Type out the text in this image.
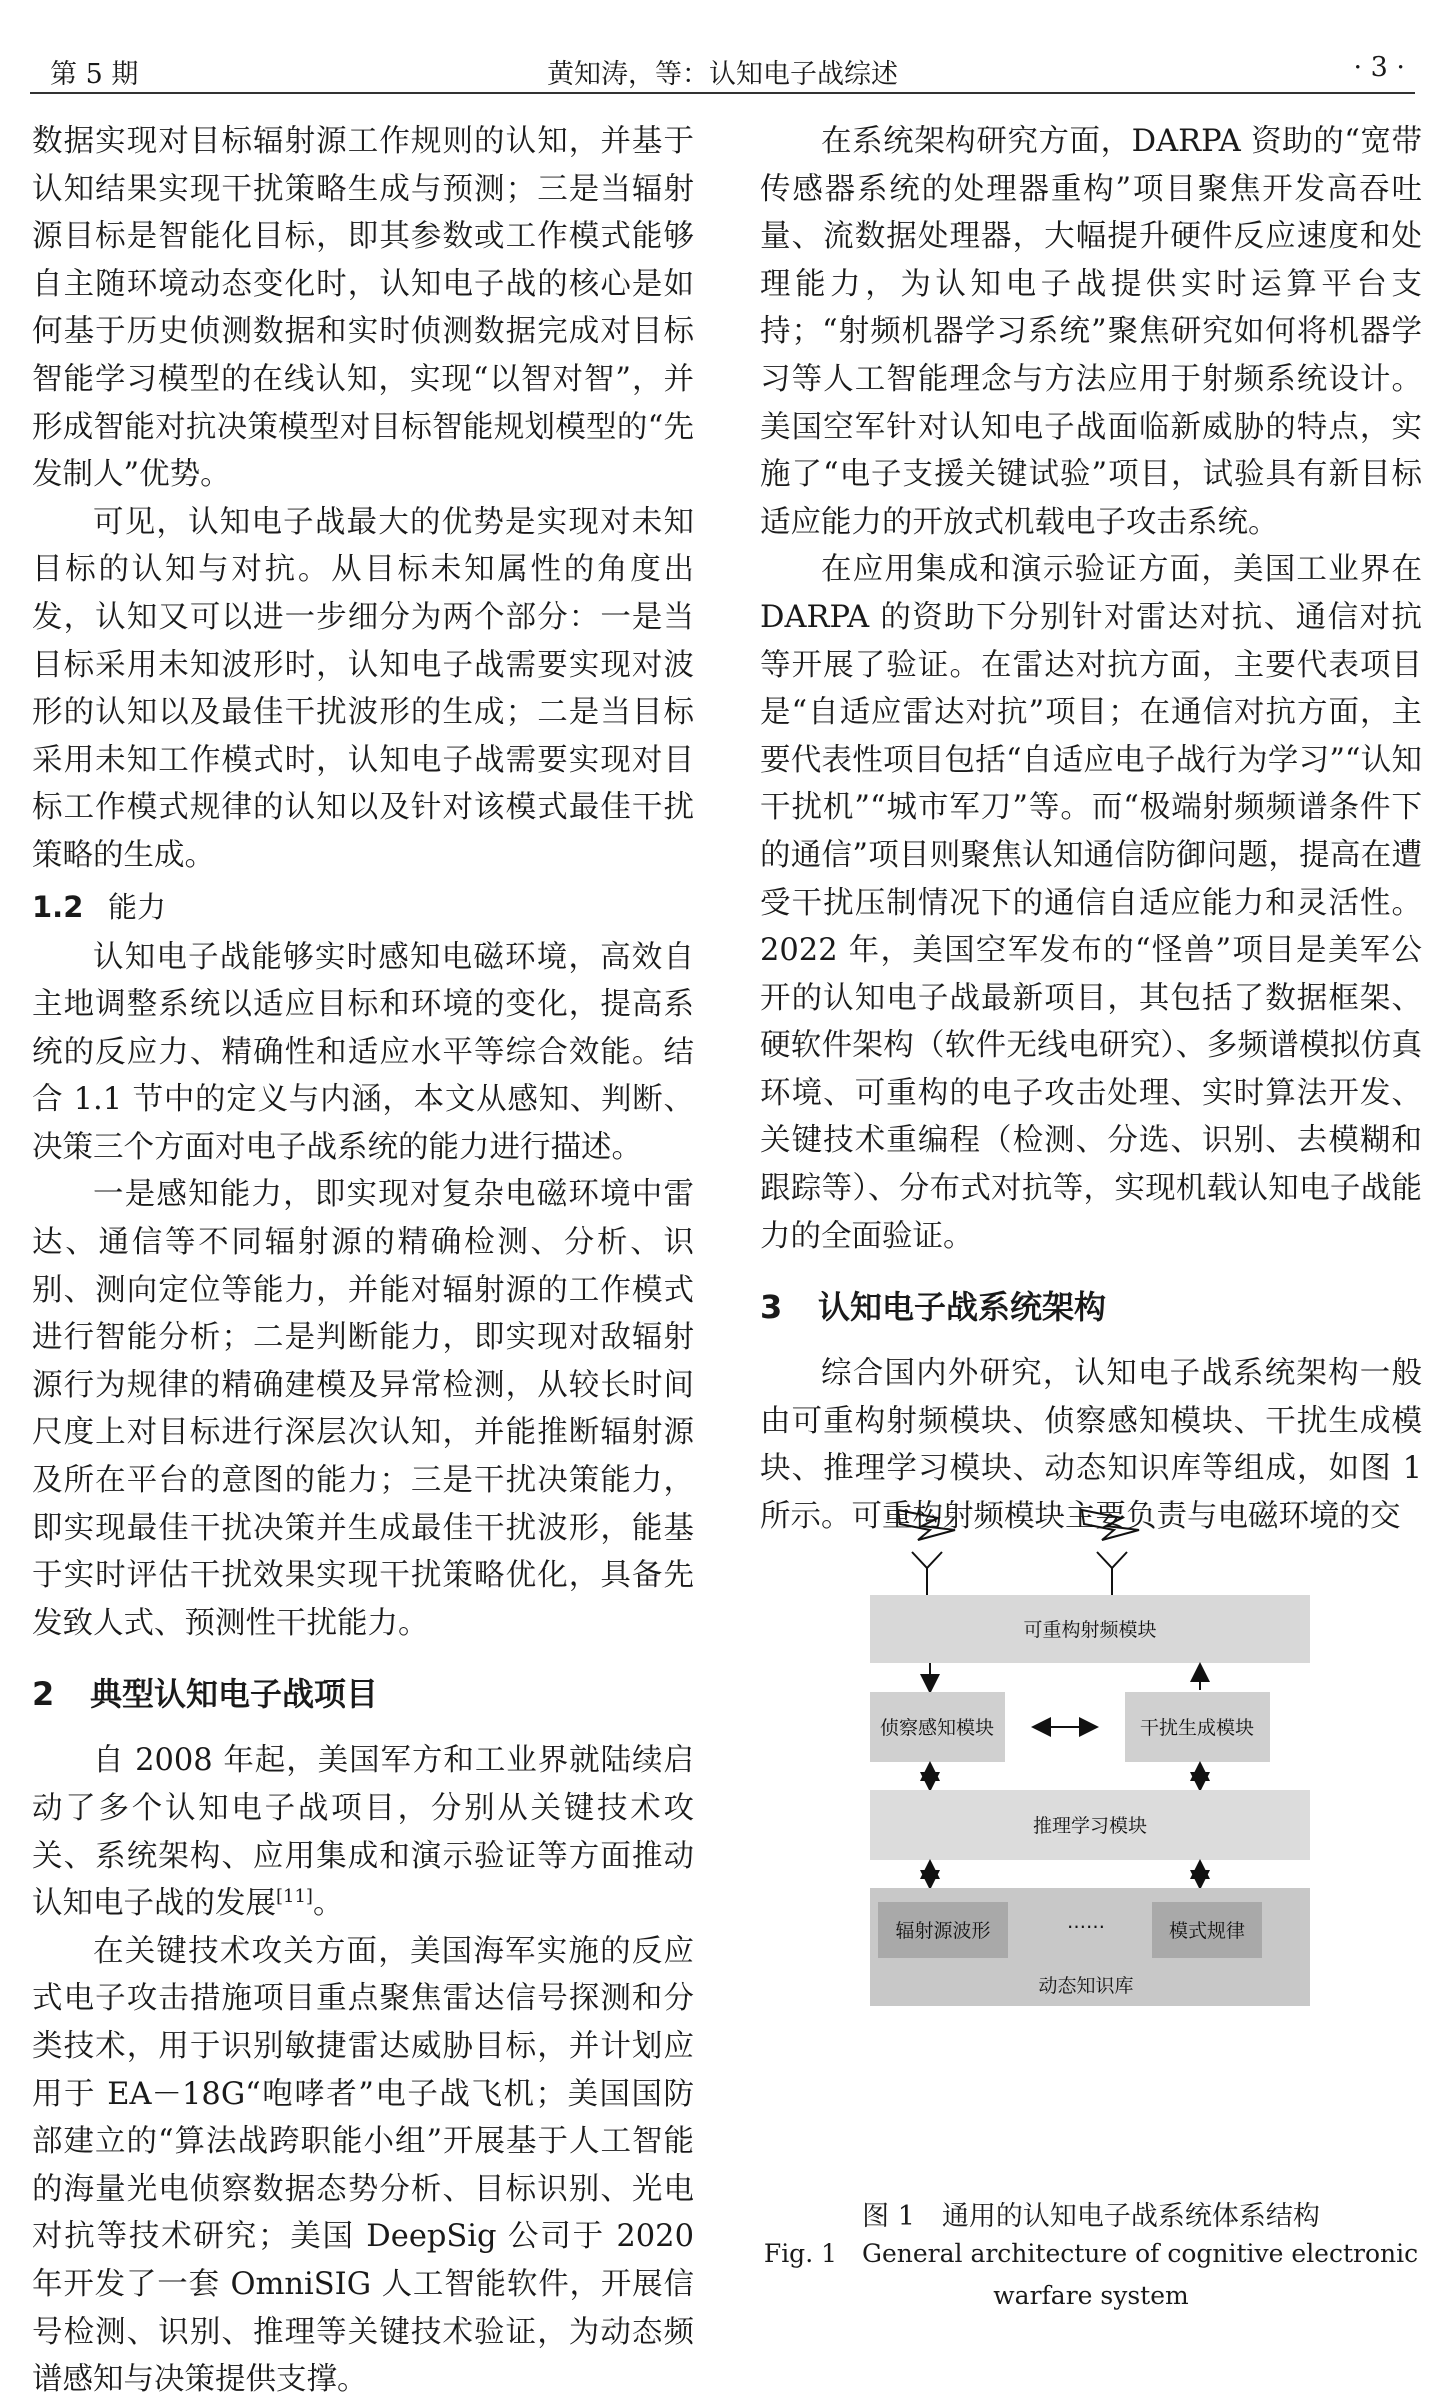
第 5 期	黄知涛，等：认知电子战综述	· 3 ·

数据实现对目标辐射源工作规则的认知，并基于认知结果实现干扰策略生成与预测；三是当辐射源目标是智能化目标，即其参数或工作模式能够自主随环境动态变化时，认知电子战的核心是如何基于历史侦测数据和实时侦测数据完成对目标智能学习模型的在线认知，实现“以智对智”，并形成智能对抗决策模型对目标智能规划模型的“先发制人”优势。

可见，认知电子战最大的优势是实现对未知目标的认知与对抗。从目标未知属性的角度出发，认知又可以进一步细分为两个部分：一是当目标采用未知波形时，认知电子战需要实现对波形的认知以及最佳干扰波形的生成；二是当目标采用未知工作模式时，认知电子战需要实现对目标工作模式规律的认知以及针对该模式最佳干扰策略的生成。

1.2 能力

认知电子战能够实时感知电磁环境，高效自主地调整系统以适应目标和环境的变化，提高系统的反应力、精确性和适应水平等综合效能。结合 1.1 节中的定义与内涵，本文从感知、判断、决策三个方面对电子战系统的能力进行描述。

一是感知能力，即实现对复杂电磁环境中雷达、通信等不同辐射源的精确检测、分析、识别、测向定位等能力，并能对辐射源的工作模式进行智能分析；二是判断能力，即实现对敌辐射源行为规律的精确建模及异常检测，从较长时间尺度上对目标进行深层次认知，并能推断辐射源及所在平台的意图的能力；三是干扰决策能力，即实现最佳干扰决策并生成最佳干扰波形，能基于实时评估干扰效果实现干扰策略优化，具备先发致人式、预测性干扰能力。

2 典型认知电子战项目

自 2008 年起，美国军方和工业界就陆续启动了多个认知电子战项目，分别从关键技术攻关、系统架构、应用集成和演示验证等方面推动认知电子战的发展[11]。

在关键技术攻关方面，美国海军实施的反应式电子攻击措施项目重点聚焦雷达信号探测和分类技术，用于识别敏捷雷达威胁目标，并计划应用于 EA－18G“咆哮者”电子战飞机；美国国防部建立的“算法战跨职能小组”开展基于人工智能的海量光电侦察数据态势分析、目标识别、光电对抗等技术研究；美国 DeepSig 公司于 2020 年开发了一套 OmniSIG 人工智能软件，开展信号检测、识别、推理等关键技术验证，为动态频谱感知与决策提供支撑。

在系统架构研究方面，DARPA 资助的“宽带传感器系统的处理器重构”项目聚焦开发高吞吐量、流数据处理器，大幅提升硬件反应速度和处理能力，为认知电子战提供实时运算平台支持；“射频机器学习系统”聚焦研究如何将机器学习等人工智能理念与方法应用于射频系统设计。美国空军针对认知电子战面临新威胁的特点，实施了“电子支援关键试验”项目，试验具有新目标适应能力的开放式机载电子攻击系统。

在应用集成和演示验证方面，美国工业界在 DARPA 的资助下分别针对雷达对抗、通信对抗等开展了验证。在雷达对抗方面，主要代表项目是“自适应雷达对抗”项目；在通信对抗方面，主要代表性项目包括“自适应电子战行为学习”“认知干扰机”“城市军刀”等。而“极端射频频谱条件下的通信”项目则聚焦认知通信防御问题，提高在遭受干扰压制情况下的通信自适应能力和灵活性。2022 年，美国空军发布的“怪兽”项目是美军公开的认知电子战最新项目，其包括了数据框架、硬软件架构（软件无线电研究）、多频谱模拟仿真环境、可重构的电子攻击处理、实时算法开发、关键技术重编程（检测、分选、识别、去模糊和跟踪等）、分布式对抗等，实现机载认知电子战能力的全面验证。

3 认知电子战系统架构

综合国内外研究，认知电子战系统架构一般由可重构射频模块、侦察感知模块、干扰生成模块、推理学习模块、动态知识库等组成，如图 1 所示。可重构射频模块主要负责与电磁环境的交

可重构射频模块
侦察感知模块	干扰生成模块
推理学习模块
辐射源波形	……	模式规律
动态知识库
图 1　通用的认知电子战系统体系结构
Fig. 1　General architecture of cognitive electronic
warfare system
